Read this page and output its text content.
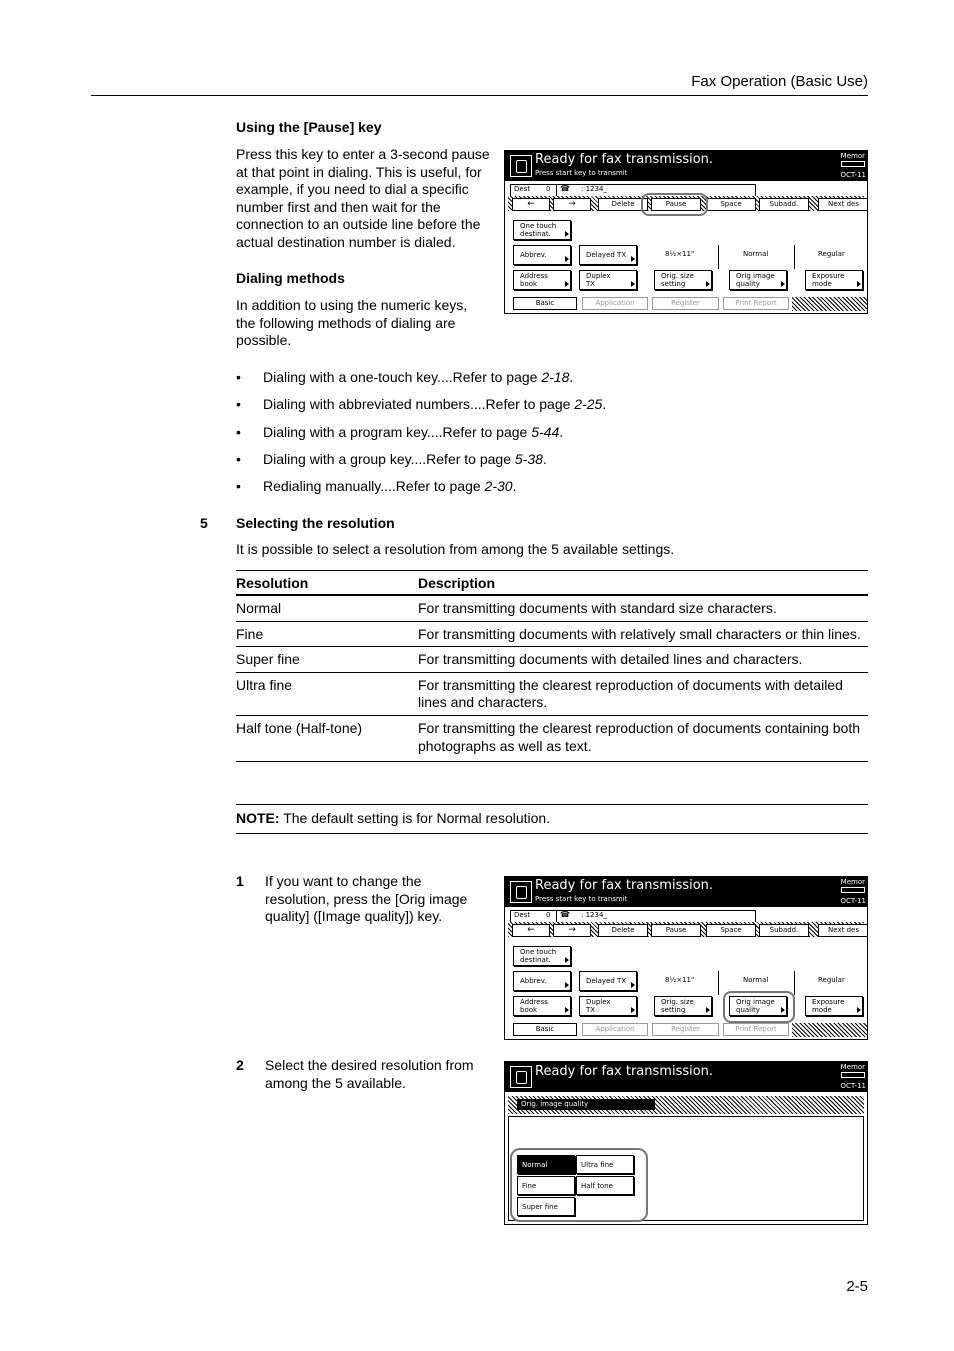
Fax Operation (Basic Use)
Using the [Pause] key
Press this key to enter a 3-second pause
at that point in dialing. This is useful, for
example, if you need to dial a specific
number first and then wait for the
connection to an outside line before the
actual destination number is dialed.
Dialing methods
In addition to using the numeric keys,
the following methods of dialing are
possible.
• Dialing with a one-touch key....Refer to page 2-18.
• Dialing with abbreviated numbers....Refer to page 2-25.
• Dialing with a program key....Refer to page 5-44.
• Dialing with a group key....Refer to page 5-38.
• Redialing manually....Refer to page 2-30.
5 Selecting the resolution
It is possible to select a resolution from among the 5 available settings.
Resolution	Description
Normal	For transmitting documents with standard size characters.
Fine	For transmitting documents with relatively small characters or thin lines.
Super fine	For transmitting documents with detailed lines and characters.
Ultra fine	For transmitting the clearest reproduction of documents with detailed lines and characters.
Half tone (Half-tone)	For transmitting the clearest reproduction of documents containing both photographs as well as text.
NOTE: The default setting is for Normal resolution.
1 If you want to change the
resolution, press the [Orig image
quality] ([Image quality]) key.
2 Select the desired resolution from
among the 5 available.
Ready for fax transmission.
Press start key to transmit
Memor
OCT-11
Dest 0 ☎ : 1234_
←	→	Delete	Pause	Space	Subadd.	Next des
One touch
destinat.
Abbrev.	Delayed TX	8½×11"	Normal	Regular
Address
book
Duplex
TX
Orig. size
setting
Orig image
quality
Exposure
mode
Basic	Application	Register	Print Report
Ready for fax transmission.
Press start key to transmit
Memor
OCT-11
Dest 0 ☎ : 1234_
←	→	Delete	Pause	Space	Subadd.	Next des
One touch
destinat.
Abbrev.	Delayed TX	8½×11"	Normal	Regular
Address
book
Duplex
TX
Orig. size
setting
Orig image
quality
Exposure
mode
Basic	Application	Register	Print Report
Ready for fax transmission.	Memor
OCT-11
Orig. image quality
Normal	Ultra fine
Fine	Half tone
Super fine
2-5
